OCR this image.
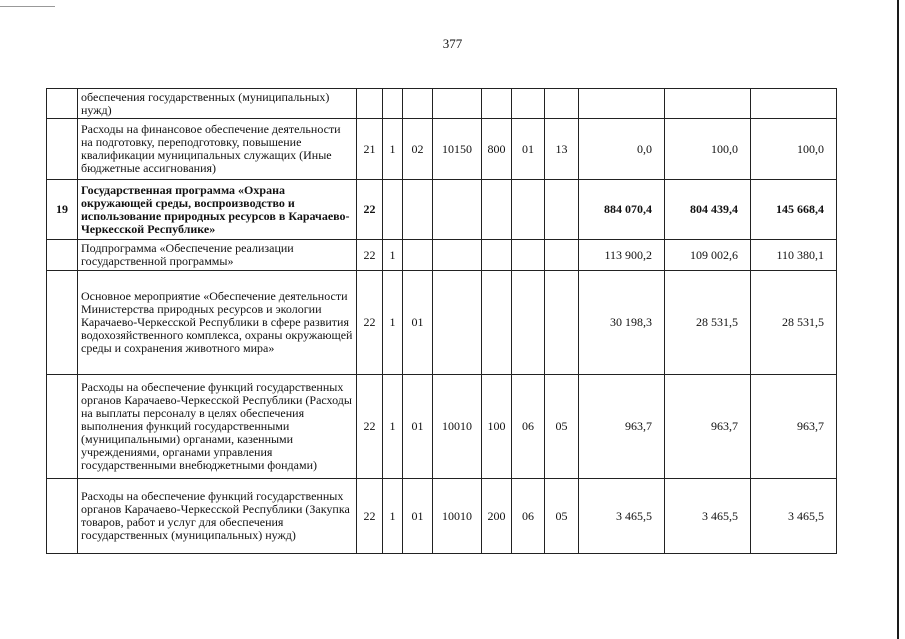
377
	обеспечения государственных (муниципальных) нужд)										
	Расходы на финансовое обеспечение деятельности на подготовку, переподготовку, повышение квалификации муниципальных служащих (Иные бюджетные ассигнования)	21	1	02	10150	800	01	13	0,0	100,0	100,0
19	Государственная программа «Охрана окружающей среды, воспроизводство и использование природных ресурсов в Карачаево-Черкесской Республике»	22							884 070,4	804 439,4	145 668,4
	Подпрограмма «Обеспечение реализации государственной программы»	22	1						113 900,2	109 002,6	110 380,1
	Основное мероприятие «Обеспечение деятельности Министерства природных ресурсов и экологии Карачаево-Черкесской Республики в сфере развития водохозяйственного комплекса, охраны окружающей среды и сохранения животного мира»	22	1	01					30 198,3	28 531,5	28 531,5
	Расходы на обеспечение функций государственных органов Карачаево-Черкесской Республики (Расходы на выплаты персоналу в целях обеспечения выполнения функций государственными (муниципальными) органами, казенными учреждениями, органами управления государственными внебюджетными фондами)	22	1	01	10010	100	06	05	963,7	963,7	963,7
	Расходы на обеспечение функций государственных органов Карачаево-Черкесской Республики (Закупка товаров, работ и услуг для обеспечения государственных (муниципальных) нужд)	22	1	01	10010	200	06	05	3 465,5	3 465,5	3 465,5
